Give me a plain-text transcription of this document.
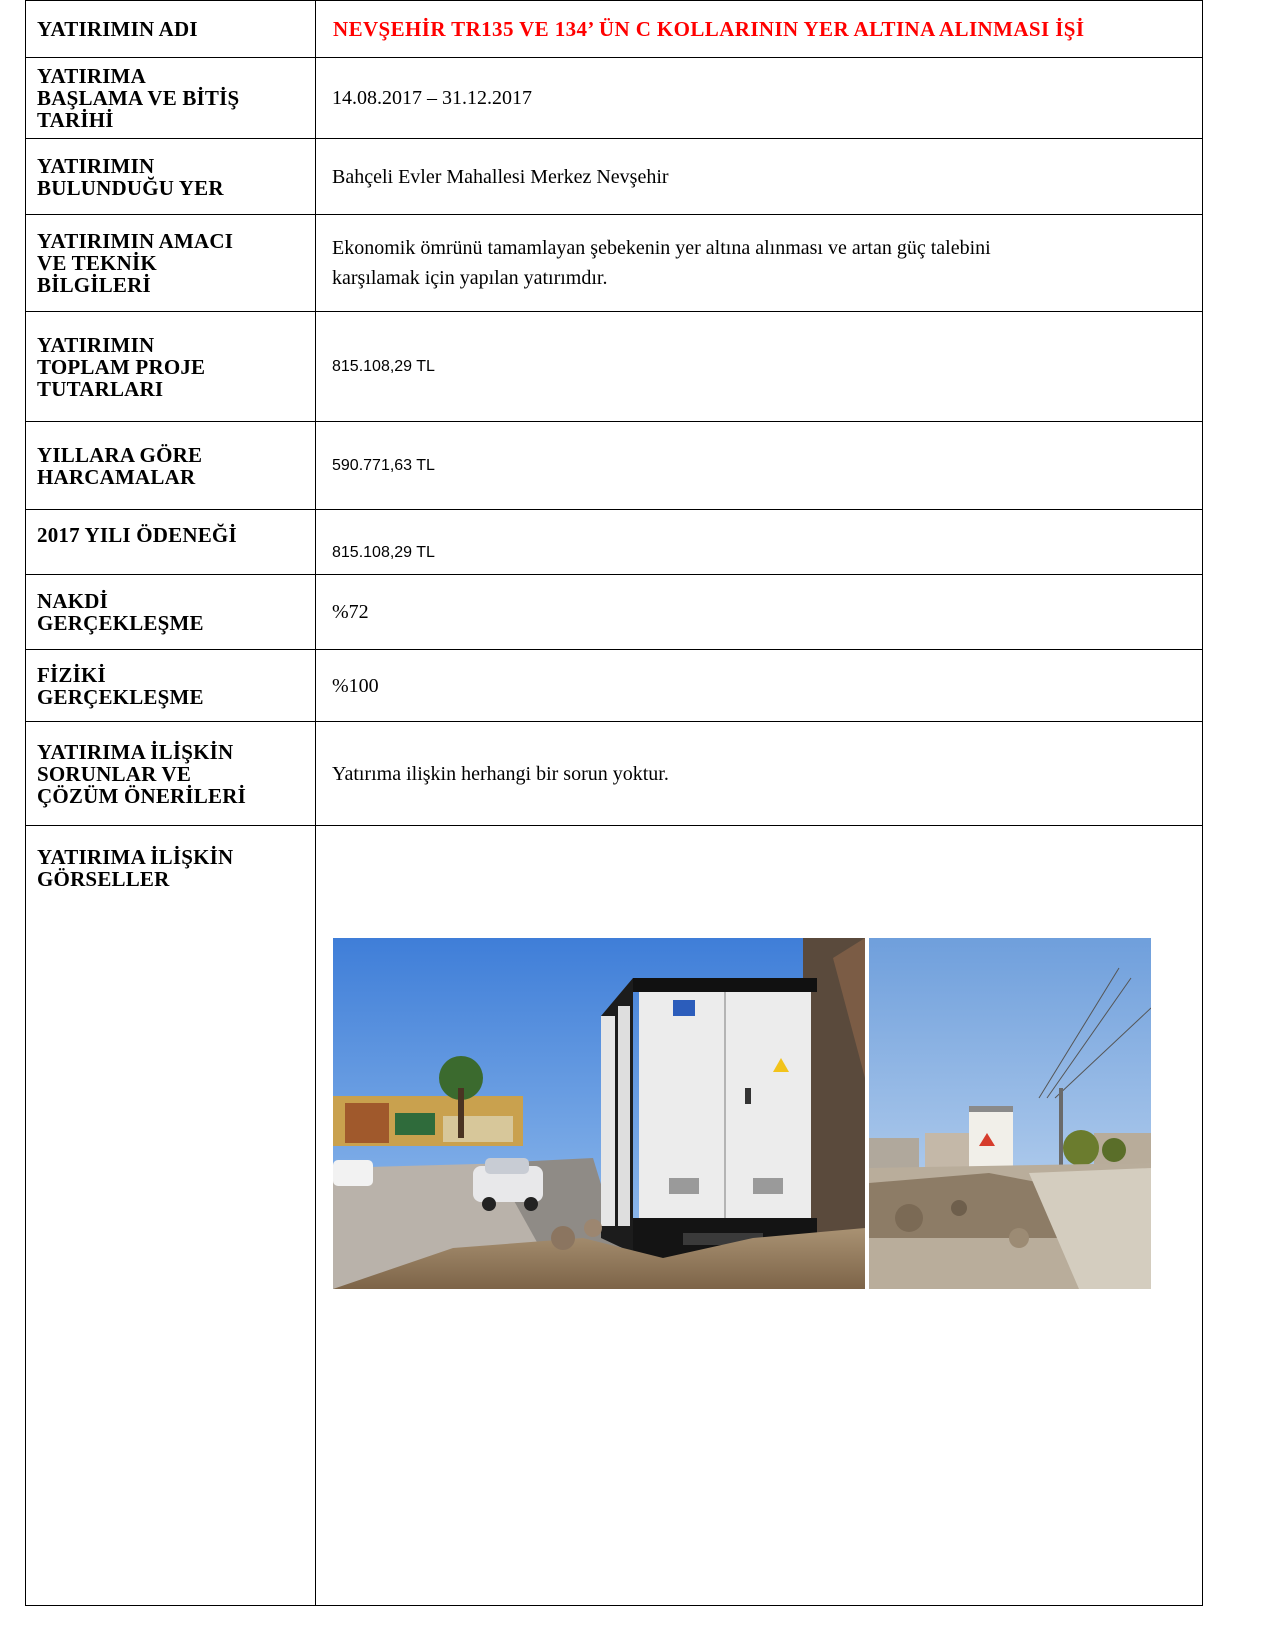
YATIRIMIN ADI	NEVŞEHİR TR135 VE 134’ ÜN C KOLLARININ YER ALTINA ALINMASI İŞİ

YATIRIMA
BAŞLAMA VE BİTİŞ
TARİHİ	14.08.2017 – 31.12.2017

YATIRIMIN
BULUNDUĞU YER	Bahçeli Evler Mahallesi Merkez Nevşehir

YATIRIMIN AMACI
VE TEKNİK
BİLGİLERİ	Ekonomik ömrünü tamamlayan şebekenin yer altına alınması ve artan güç talebini
karşılamak için yapılan yatırımdır.

YATIRIMIN
TOPLAM PROJE
TUTARLARI	815.108,29 TL

YILLARA GÖRE
HARCAMALAR	590.771,63 TL

2017 YILI ÖDENEĞİ	815.108,29 TL

NAKDİ
GERÇEKLEŞME	%72

FİZİKİ
GERÇEKLEŞME	%100

YATIRIMA İLİŞKİN
SORUNLAR VE
ÇÖZÜM ÖNERİLERİ	Yatırıma ilişkin herhangi bir sorun yoktur.

YATIRIMA İLİŞKİN
GÖRSELLER
